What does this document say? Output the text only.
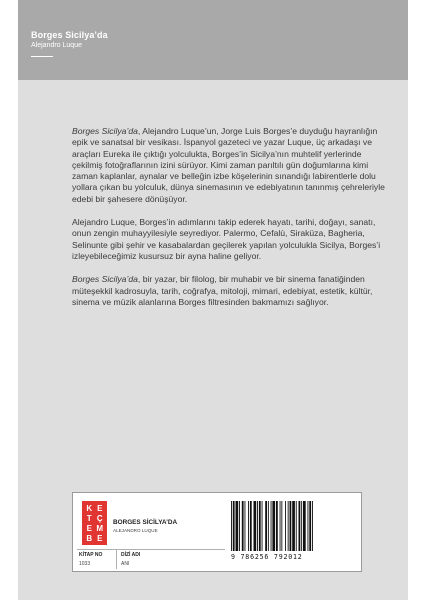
Borges Sicilya’da
Alejandro Luque

Borges Sicilya’da, Alejandro Luque’un, Jorge Luis Borges’e duyduğu hayranlığın epik ve sanatsal bir vesikası. İspanyol gazeteci ve yazar Luque, üç arkadaşı ve araçları Eureka ile çıktığı yolculukta, Borges’in Sicilya’nın muhtelif yerlerinde çekilmiş fotoğraflarının izini sürüyor. Kimi zaman parıltılı gün doğumlarına kimi zaman kaplanlar, aynalar ve belleğin izbe köşelerinin sınandığı labirentlerle dolu yollara çıkan bu yolculuk, dünya sinemasının ve edebiyatının tanınmış çehreleriyle edebi bir şahesere dönüşüyor.

Alejandro Luque, Borges’in adımlarını takip ederek hayatı, tarihi, doğayı, sanatı, onun zengin muhayyilesiyle seyrediyor. Palermo, Cefalù, Siraküza, Bagheria, Selinunte gibi şehir ve kasabalardan geçilerek yapılan yolculukla Sicilya, Borges’i izleyebileceğimiz kusursuz bir ayna haline geliyor.

Borges Sicilya’da, bir yazar, bir filolog, bir muhabir ve bir sinema fanatiğinden müteşekkil kadrosuyla, tarih, coğrafya, mitoloji, mimari, edebiyat, estetik, kültür, sinema ve müzik alanlarına Borges filtresinden bakmamızı sağlıyor.

K E
T Ç
E M
B E
BORGES SİCİLYA’DA
ALEJANDRO LUQUE
KİTAP NO
1033
DİZİ ADI
ANI
9 786256 792012
